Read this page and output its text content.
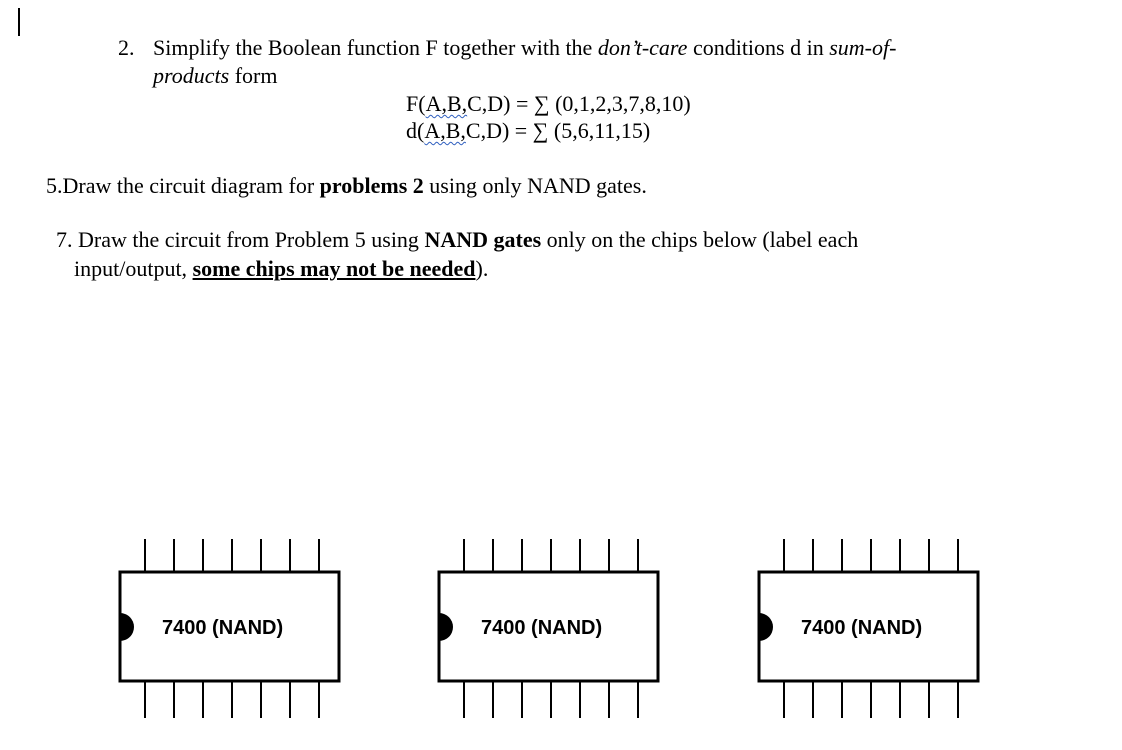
2. Simplify the Boolean function F together with the don’t-care conditions d in sum-of-
products form
F(A,B,C,D) = ∑ (0,1,2,3,7,8,10)
d(A,B,C,D) = ∑ (5,6,11,15)
5.Draw the circuit diagram for problems 2 using only NAND gates.
7. Draw the circuit from Problem 5 using NAND gates only on the chips below (label each
input/output, some chips may not be needed).
7400 (NAND)	7400 (NAND)	7400 (NAND)
